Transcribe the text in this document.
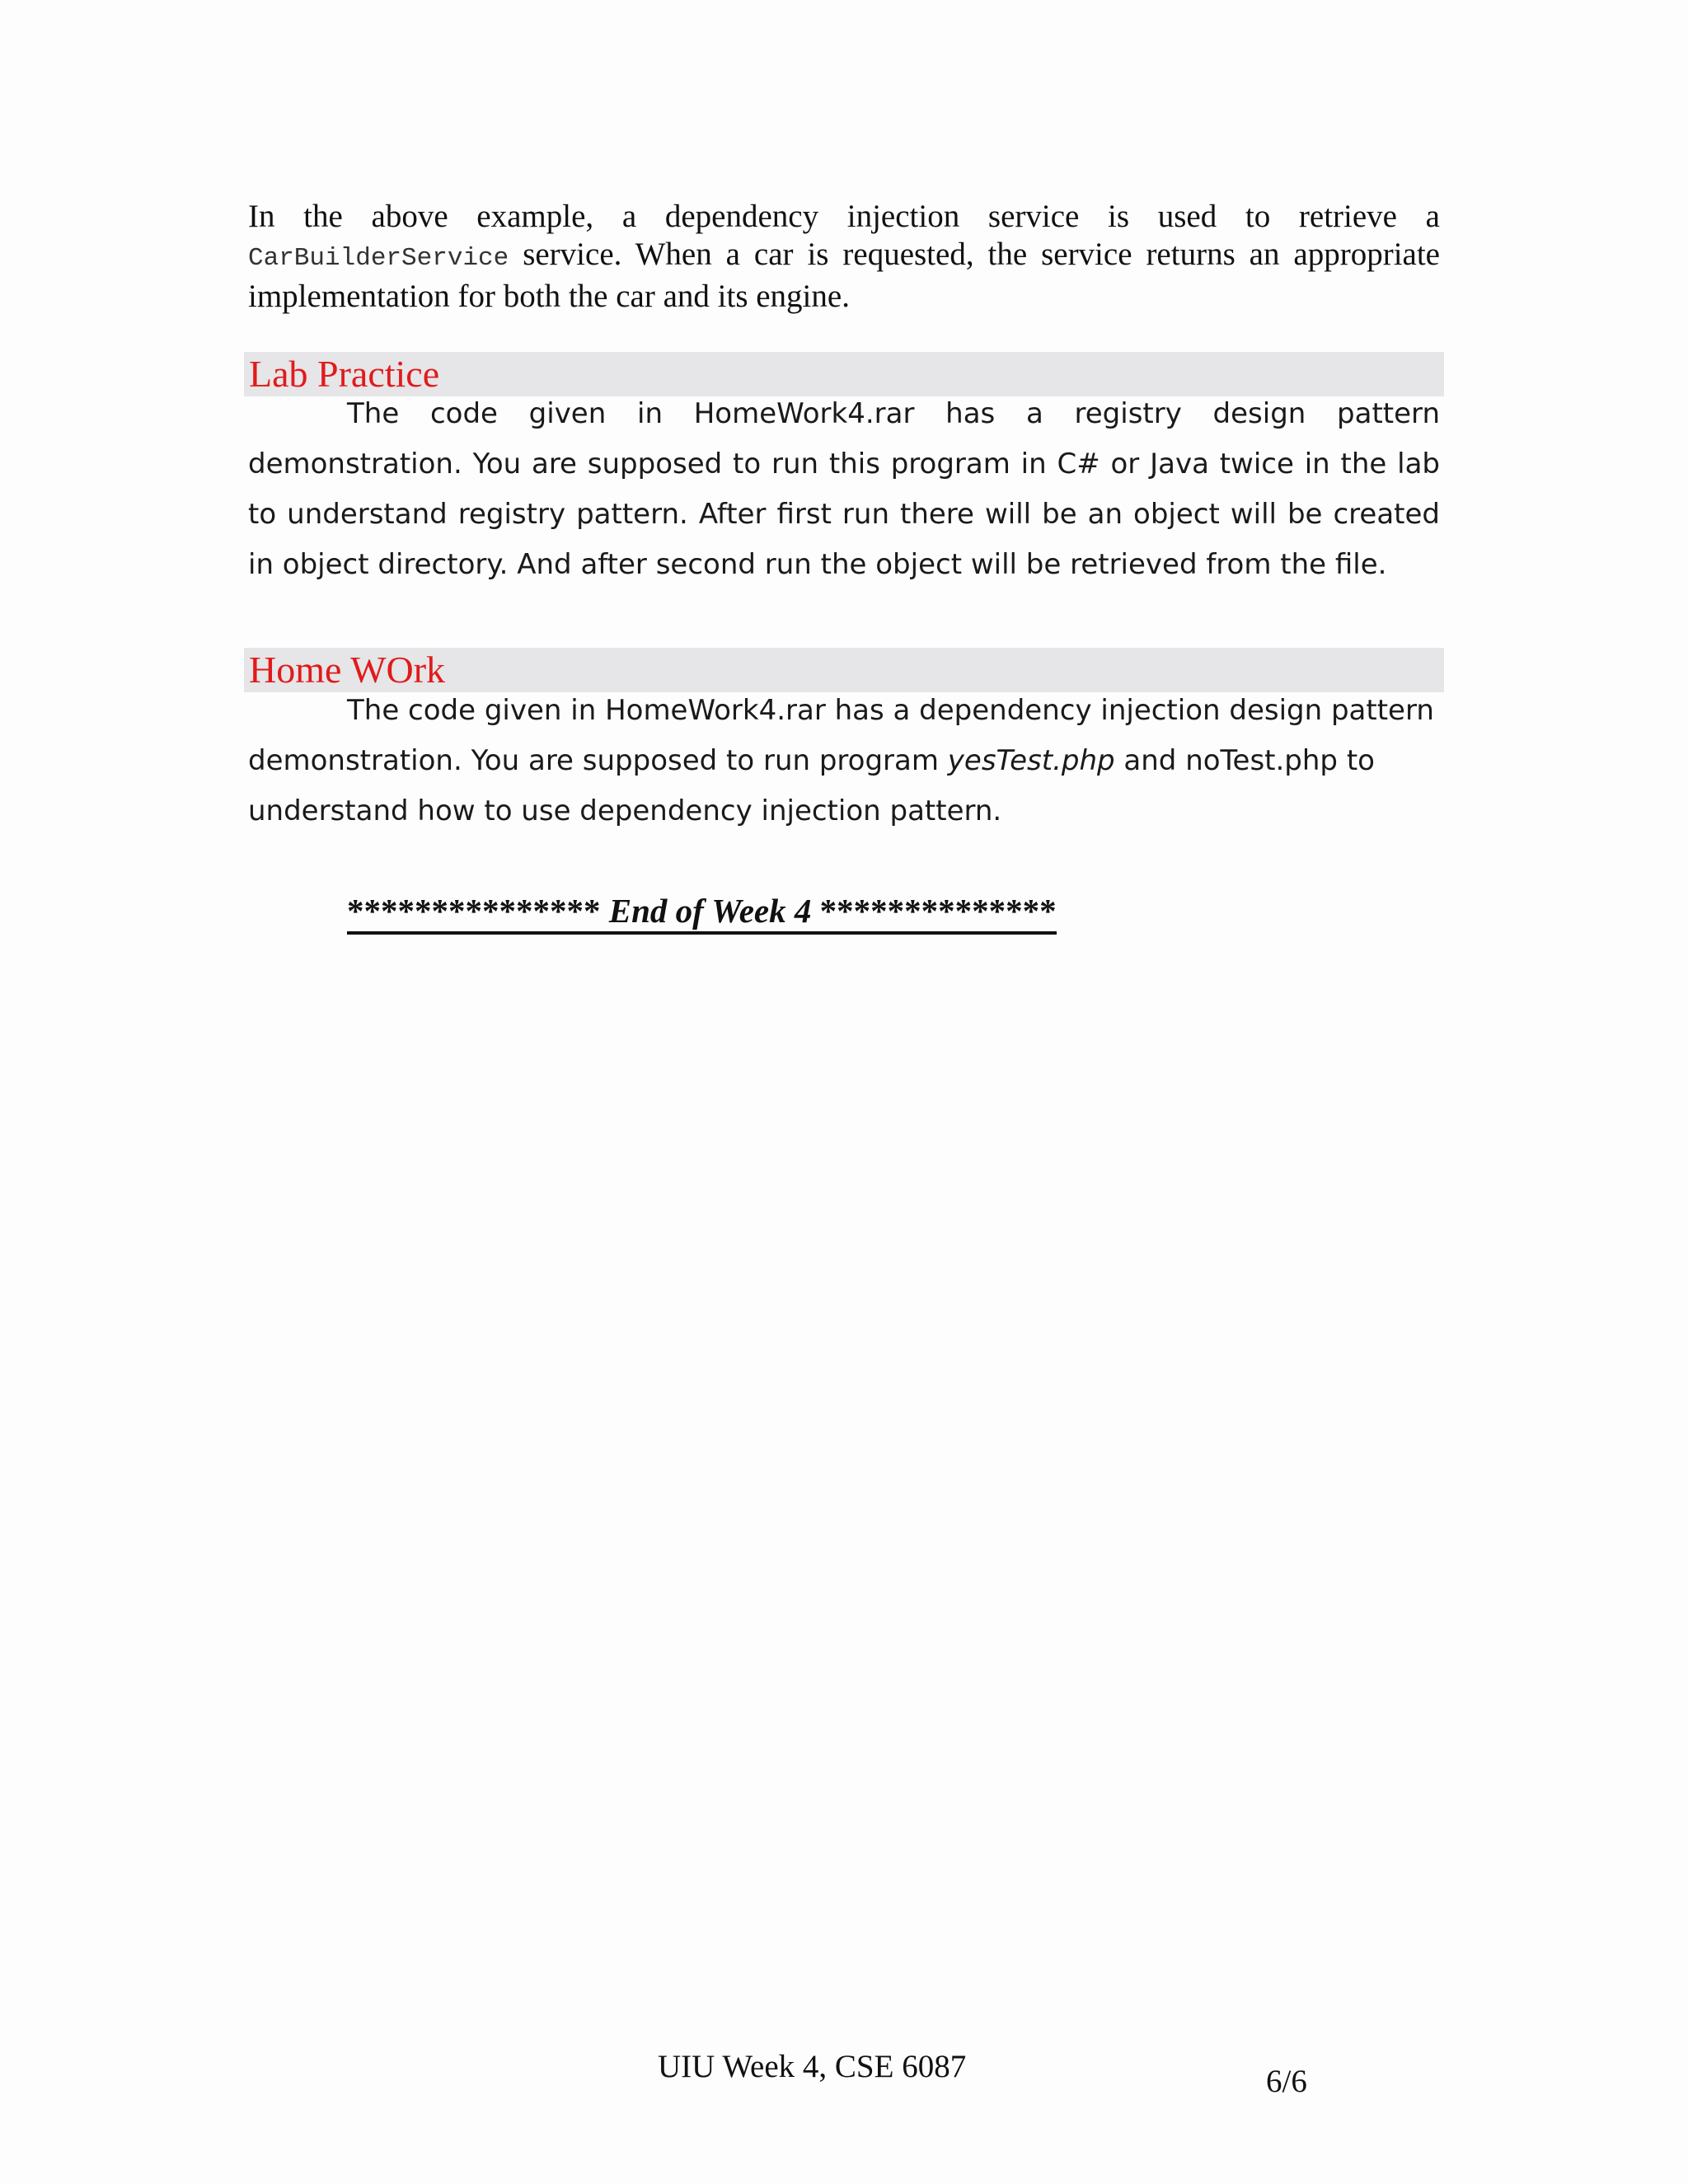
In the above example, a dependency injection service is used to retrieve a
CarBuilderService service. When a car is requested, the service returns an appropriate implementation for both the car and its engine.
Lab Practice

The code given in HomeWork4.rar has a registry design pattern

demonstration. You are supposed to run this program in C# or Java twice in the lab to understand registry pattern. After first run there will be an object will be created in object directory. And after second run the object will be retrieved from the file.

Home WOrk

The code given in HomeWork4.rar has a dependency injection design pattern

demonstration. You are supposed to run program yesTest.php and noTest.php to understand how to use dependency injection pattern.

*************** End of Week 4 **************
UIU Week 4, CSE 6087	6/6
